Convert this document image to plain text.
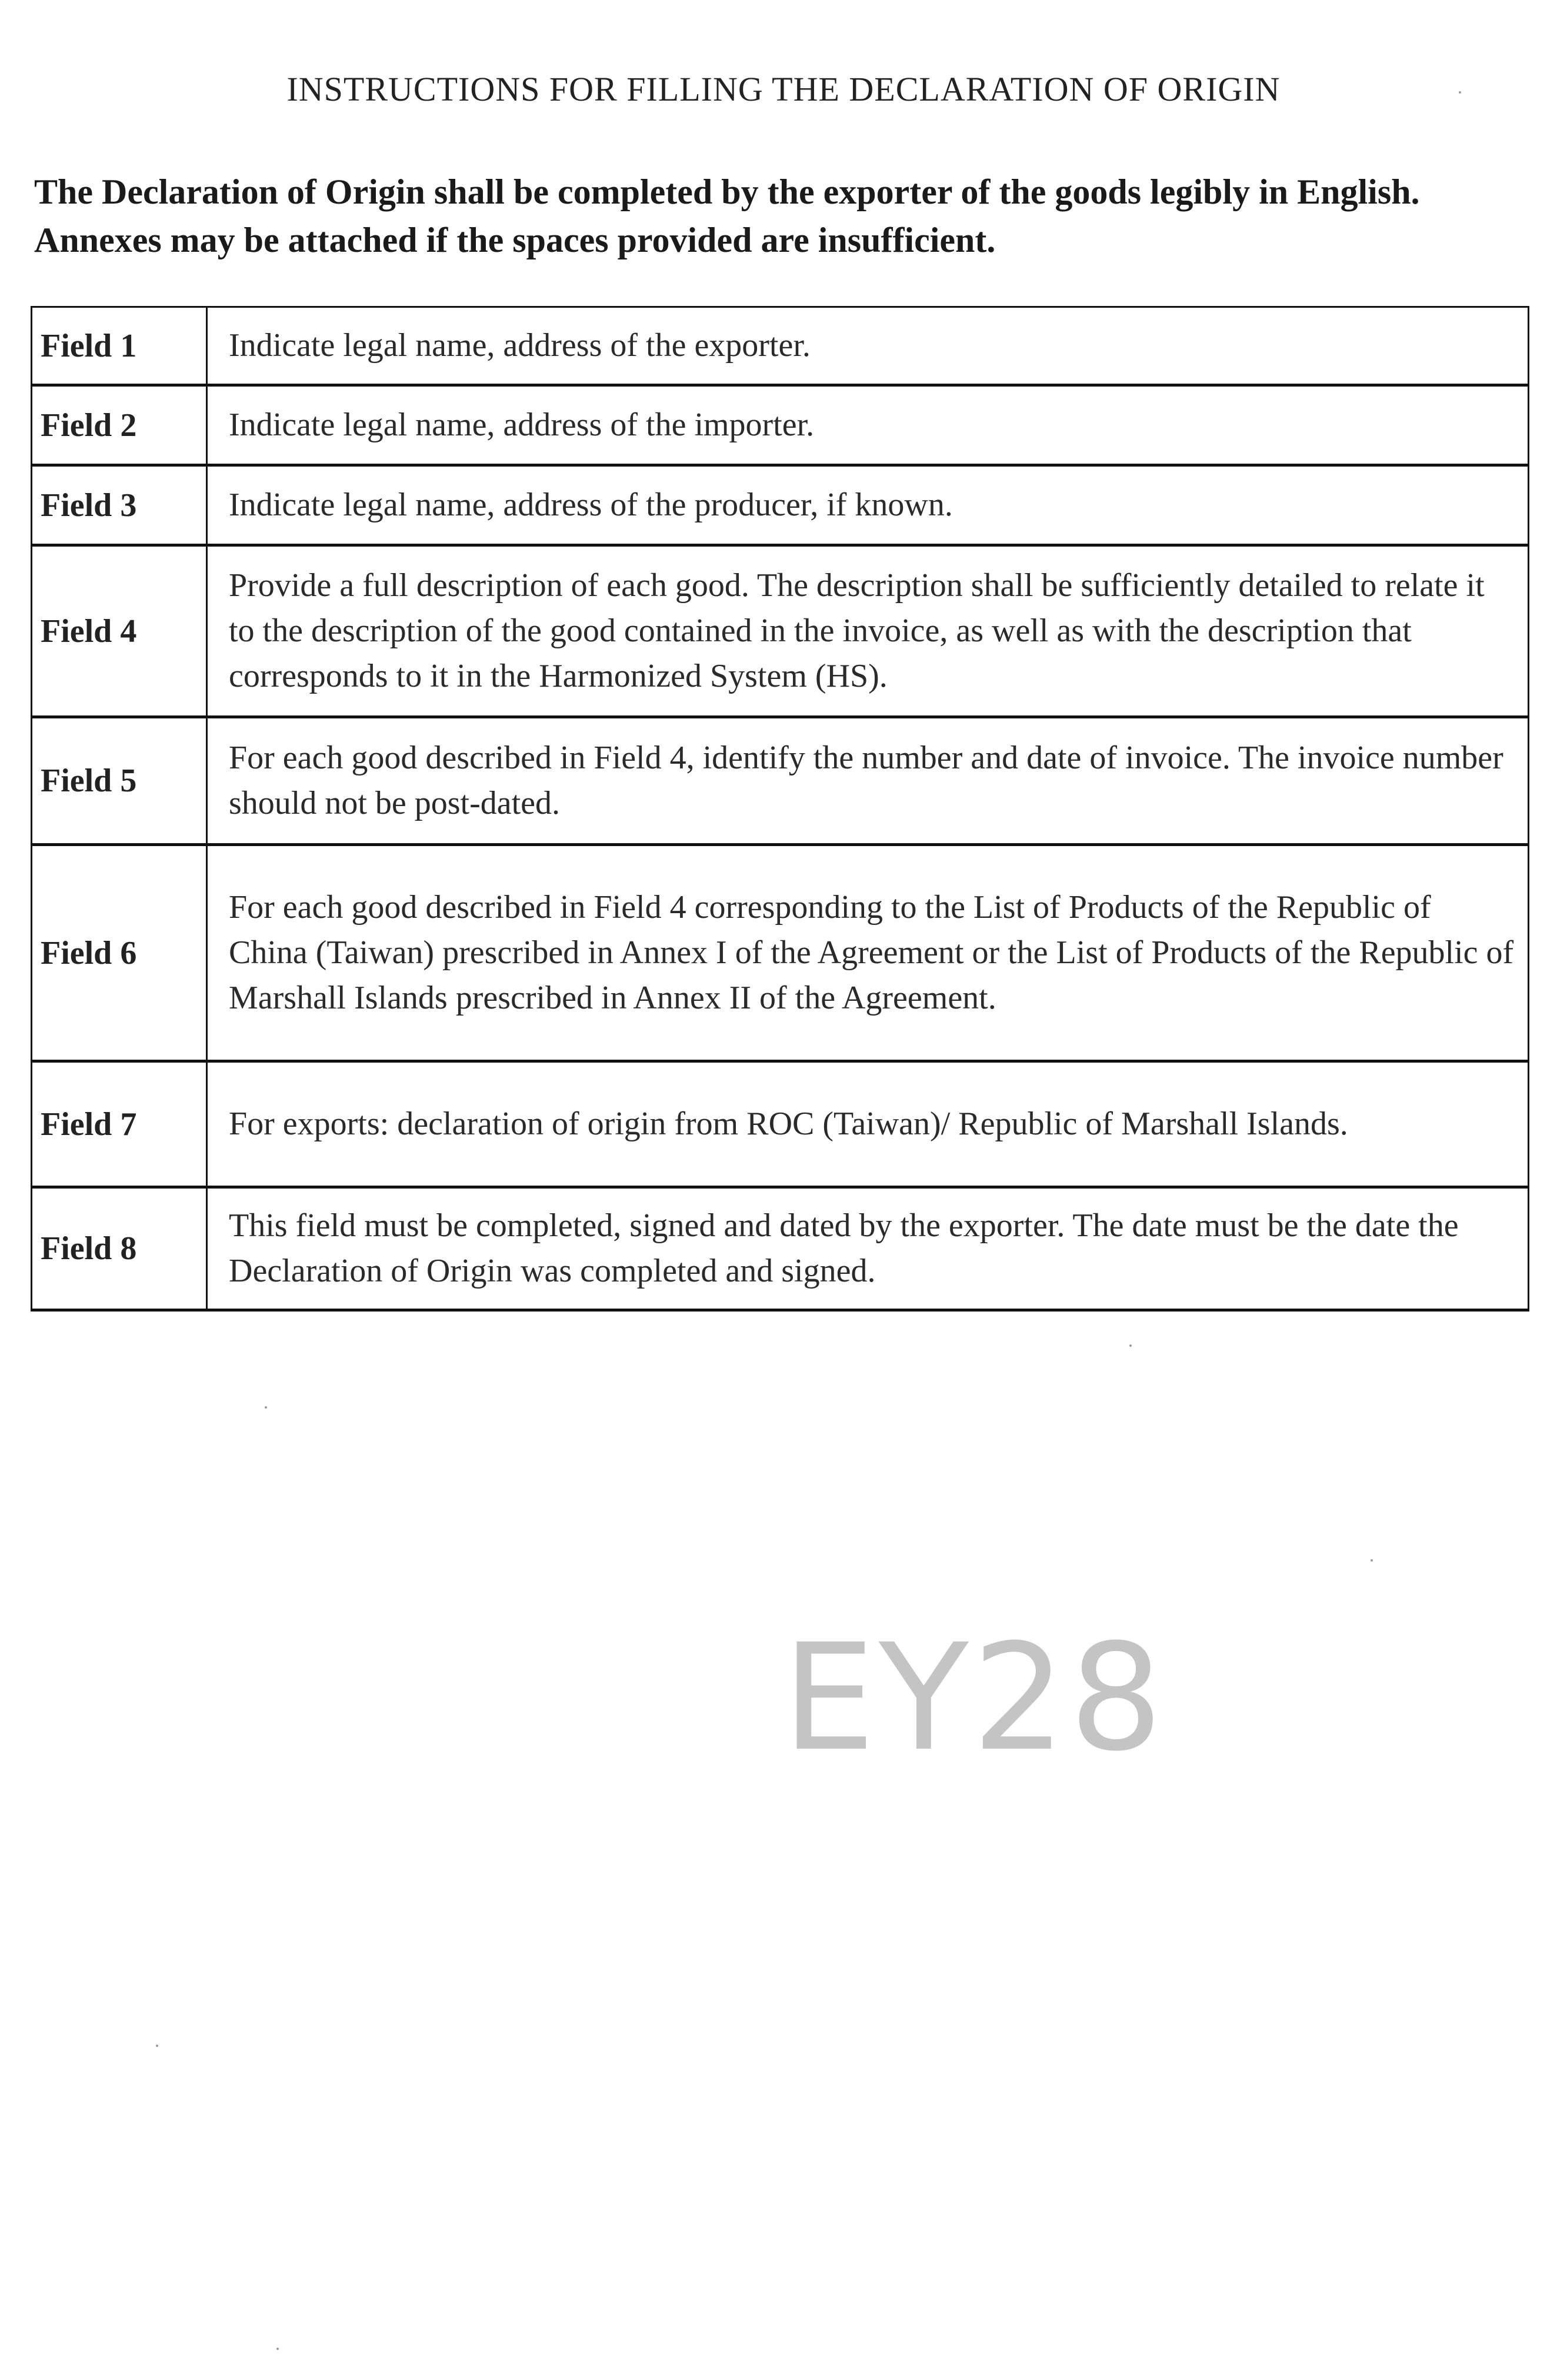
INSTRUCTIONS FOR FILLING THE DECLARATION OF ORIGIN
The Declaration of Origin shall be completed by the exporter of the goods legibly in English. Annexes may be attached if the spaces provided are insufficient.
Field 1	Indicate legal name, address of the exporter.
Field 2	Indicate legal name, address of the importer.
Field 3	Indicate legal name, address of the producer, if known.
Field 4	Provide a full description of each good. The description shall be sufficiently detailed to relate it to the description of the good contained in the invoice, as well as with the description that corresponds to it in the Harmonized System (HS).
Field 5	For each good described in Field 4, identify the number and date of invoice. The invoice number should not be post-dated.
Field 6	For each good described in Field 4 corresponding to the List of Products of the Republic of China (Taiwan) prescribed in Annex I of the Agreement or the List of Products of the Republic of Marshall Islands prescribed in Annex II of the Agreement.
Field 7	For exports: declaration of origin from ROC (Taiwan)/ Republic of Marshall Islands.
Field 8	This field must be completed, signed and dated by the exporter. The date must be the date the Declaration of Origin was completed and signed.
EY28
